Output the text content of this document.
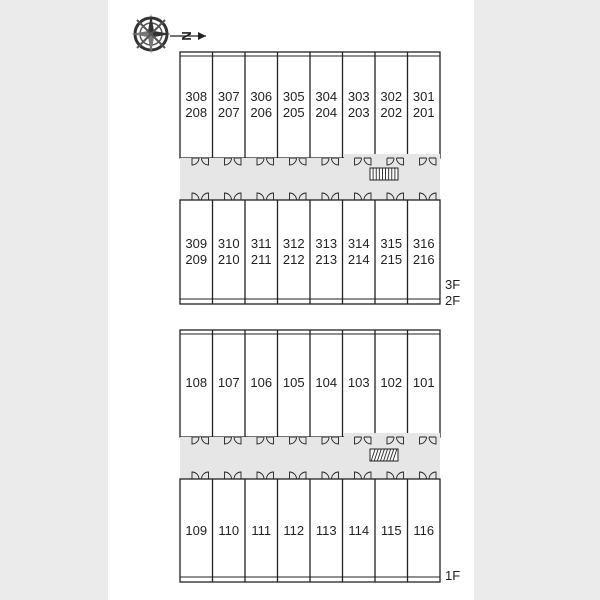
N
308
208
307
207
306
206
305
205
304
204
303
203
302
202
301
201
309
209
310
210
311
211
312
212
313
213
314
214
315
215
316
216
108 107 106 105 104 103 102 101
109 110 111 112 113 114 115 116
3F
2F
1F
